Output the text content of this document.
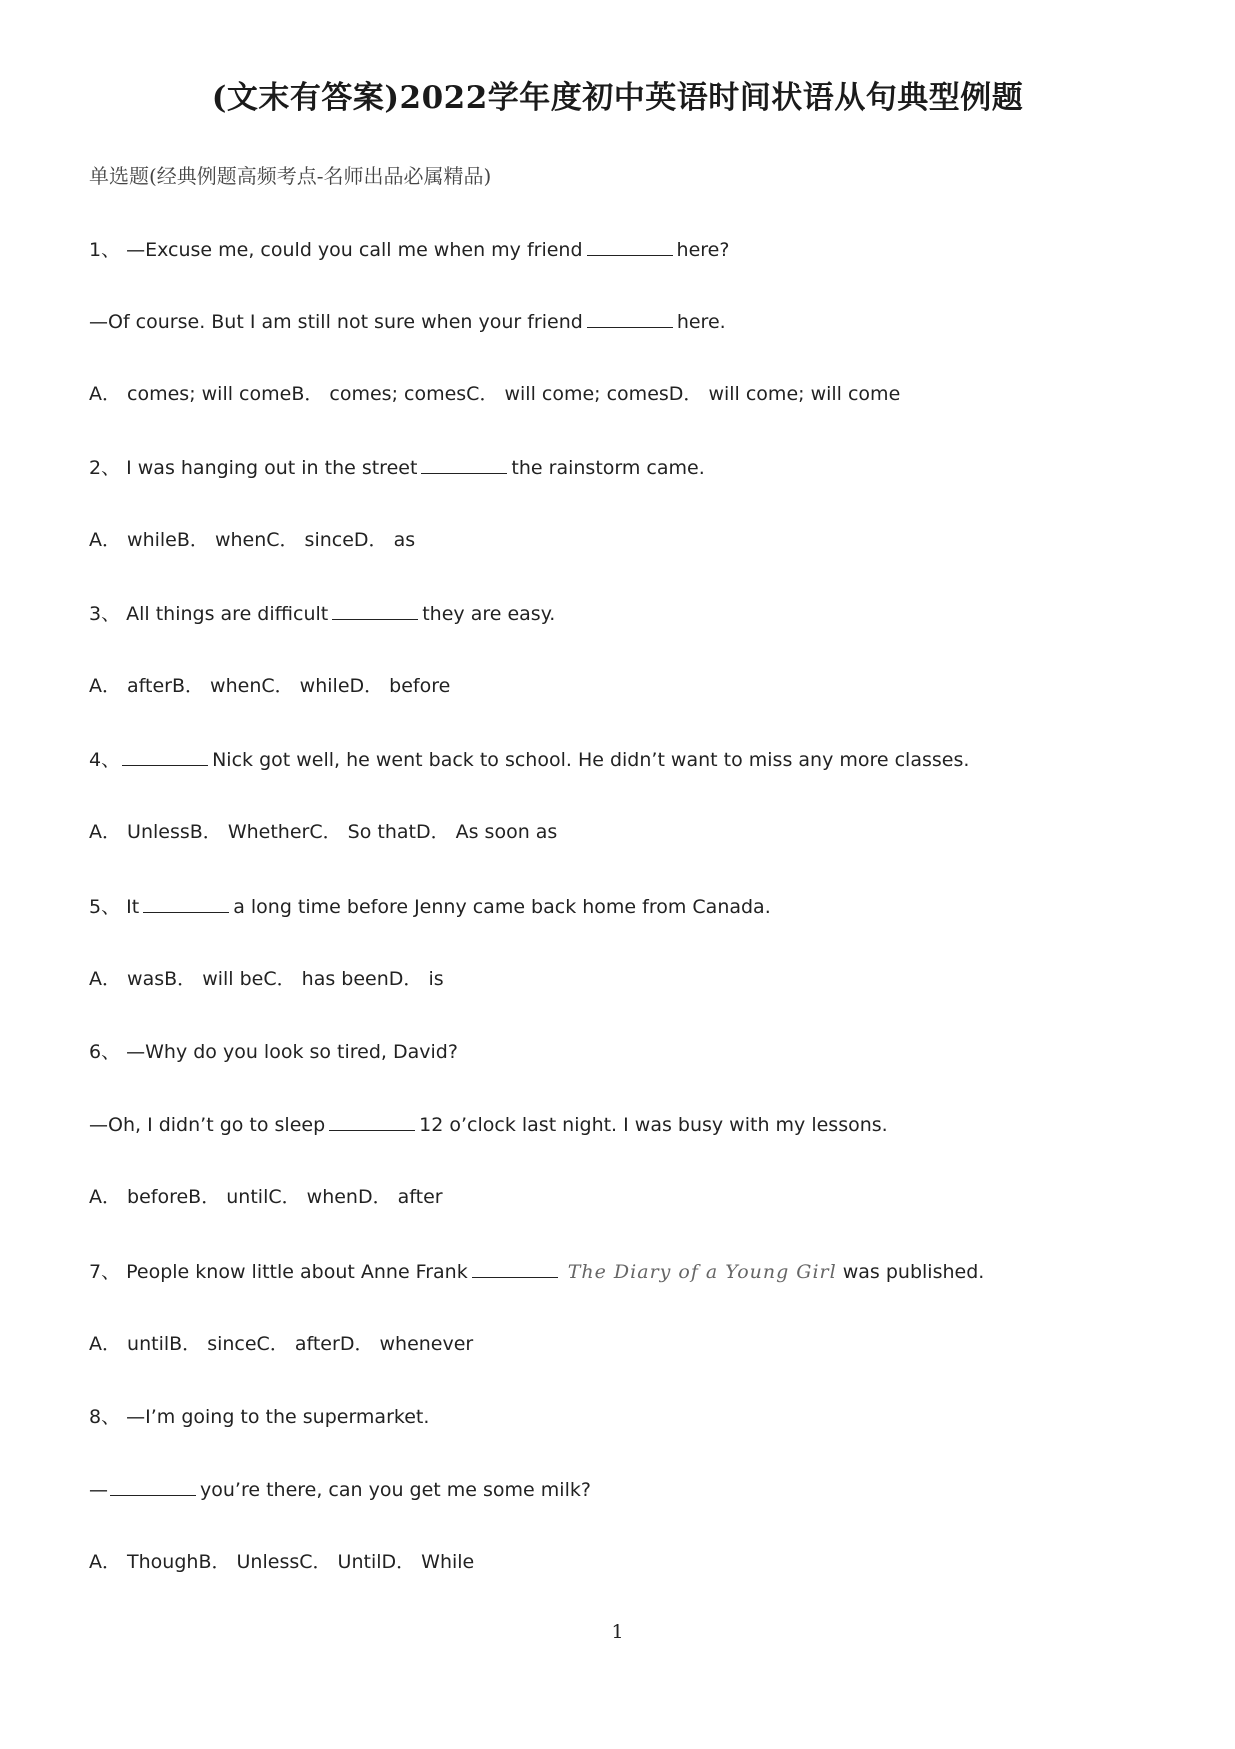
(文末有答案)2022学年度初中英语时间状语从句典型例题
单选题(经典例题高频考点-名师出品必属精品)
1、 —Excuse me, could you call me when my friend	here?
—Of course. But I am still not sure when your friend	here.
A． comes; will comeB． comes; comesC． will come; comesD． will come; will come
2、 I was hanging out in the street	the rainstorm came.
A． whileB． whenC． sinceD． as
3、 All things are difficult	they are easy.
A． afterB． whenC． whileD． before
4、	Nick got well, he went back to school. He didn’t want to miss any more classes.
A． UnlessB． WhetherC． So thatD． As soon as
5、 It	a long time before Jenny came back home from Canada.
A． wasB． will beC． has beenD． is
6、 —Why do you look so tired, David?
—Oh, I didn’t go to sleep	12 o’clock last night. I was busy with my lessons.
A． beforeB． untilC． whenD． after
7、 People know little about Anne Frank	The Diary of a Young Girl was published.
A． untilB． sinceC． afterD． whenever
8、 —I’m going to the supermarket.
—	you’re there, can you get me some milk?
A． ThoughB． UnlessC． UntilD． While
1
